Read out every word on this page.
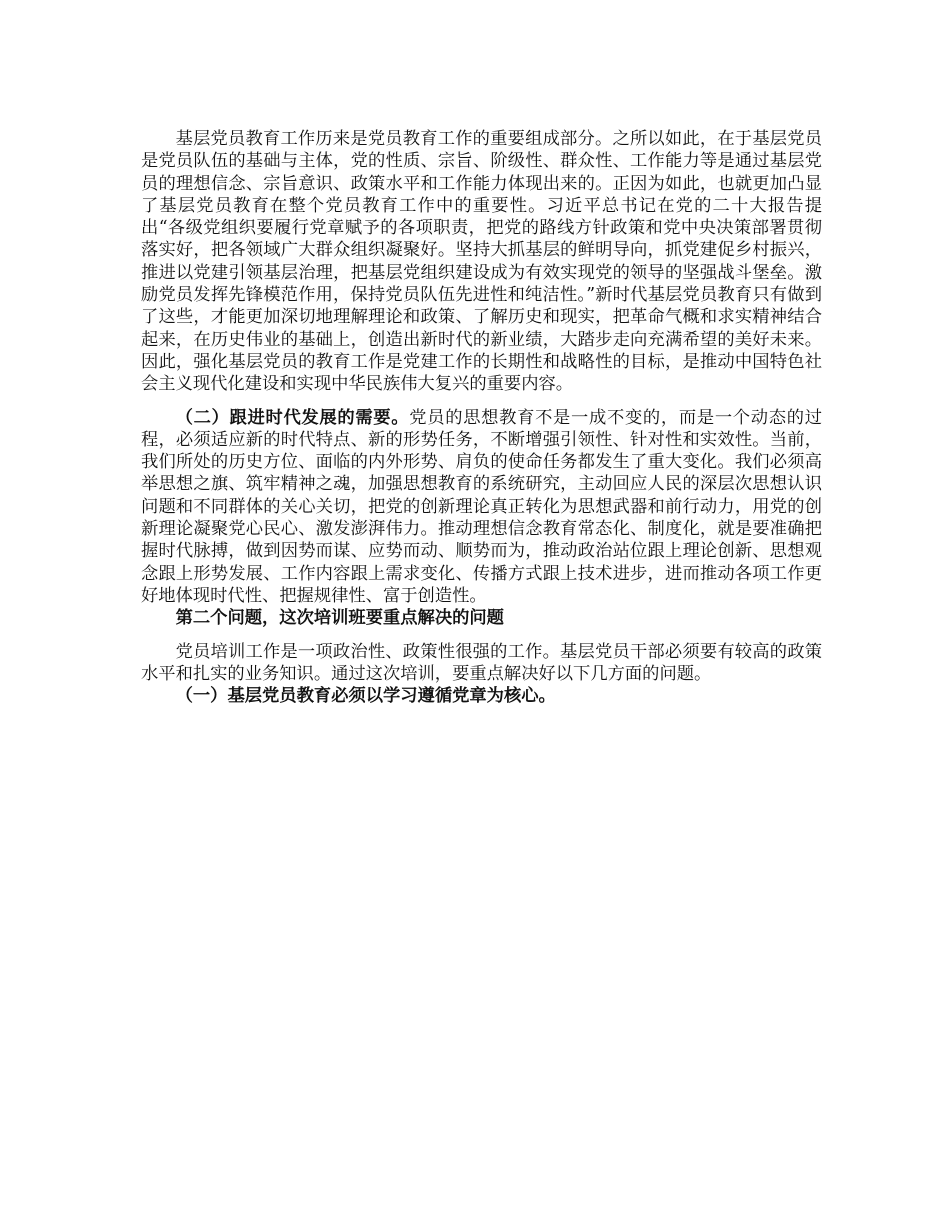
基层党员教育工作历来是党员教育工作的重要组成部分。之所以如此，在于基层党员是党员队伍的基础与主体，党的性质、宗旨、阶级性、群众性、工作能力等是通过基层党员的理想信念、宗旨意识、政策水平和工作能力体现出来的。正因为如此，也就更加凸显了基层党员教育在整个党员教育工作中的重要性。习近平总书记在党的二十大报告提出“各级党组织要履行党章赋予的各项职责，把党的路线方针政策和党中央决策部署贯彻落实好，把各领域广大群众组织凝聚好。坚持大抓基层的鲜明导向，抓党建促乡村振兴，推进以党建引领基层治理，把基层党组织建设成为有效实现党的领导的坚强战斗堡垒。激励党员发挥先锋模范作用，保持党员队伍先进性和纯洁性。”新时代基层党员教育只有做到了这些，才能更加深切地理解理论和政策、了解历史和现实，把革命气概和求实精神结合起来，在历史伟业的基础上，创造出新时代的新业绩，大踏步走向充满希望的美好未来。因此，强化基层党员的教育工作是党建工作的长期性和战略性的目标，是推动中国特色社会主义现代化建设和实现中华民族伟大复兴的重要内容。

（二）跟进时代发展的需要。党员的思想教育不是一成不变的，而是一个动态的过程，必须适应新的时代特点、新的形势任务，不断增强引领性、针对性和实效性。当前，我们所处的历史方位、面临的内外形势、肩负的使命任务都发生了重大变化。我们必须高举思想之旗、筑牢精神之魂，加强思想教育的系统研究，主动回应人民的深层次思想认识问题和不同群体的关心关切，把党的创新理论真正转化为思想武器和前行动力，用党的创新理论凝聚党心民心、激发澎湃伟力。推动理想信念教育常态化、制度化，就是要准确把握时代脉搏，做到因势而谋、应势而动、顺势而为，推动政治站位跟上理论创新、思想观念跟上形势发展、工作内容跟上需求变化、传播方式跟上技术进步，进而推动各项工作更好地体现时代性、把握规律性、富于创造性。

第二个问题，这次培训班要重点解决的问题

党员培训工作是一项政治性、政策性很强的工作。基层党员干部必须要有较高的政策水平和扎实的业务知识。通过这次培训，要重点解决好以下几方面的问题。

（一）基层党员教育必须以学习遵循党章为核心。
